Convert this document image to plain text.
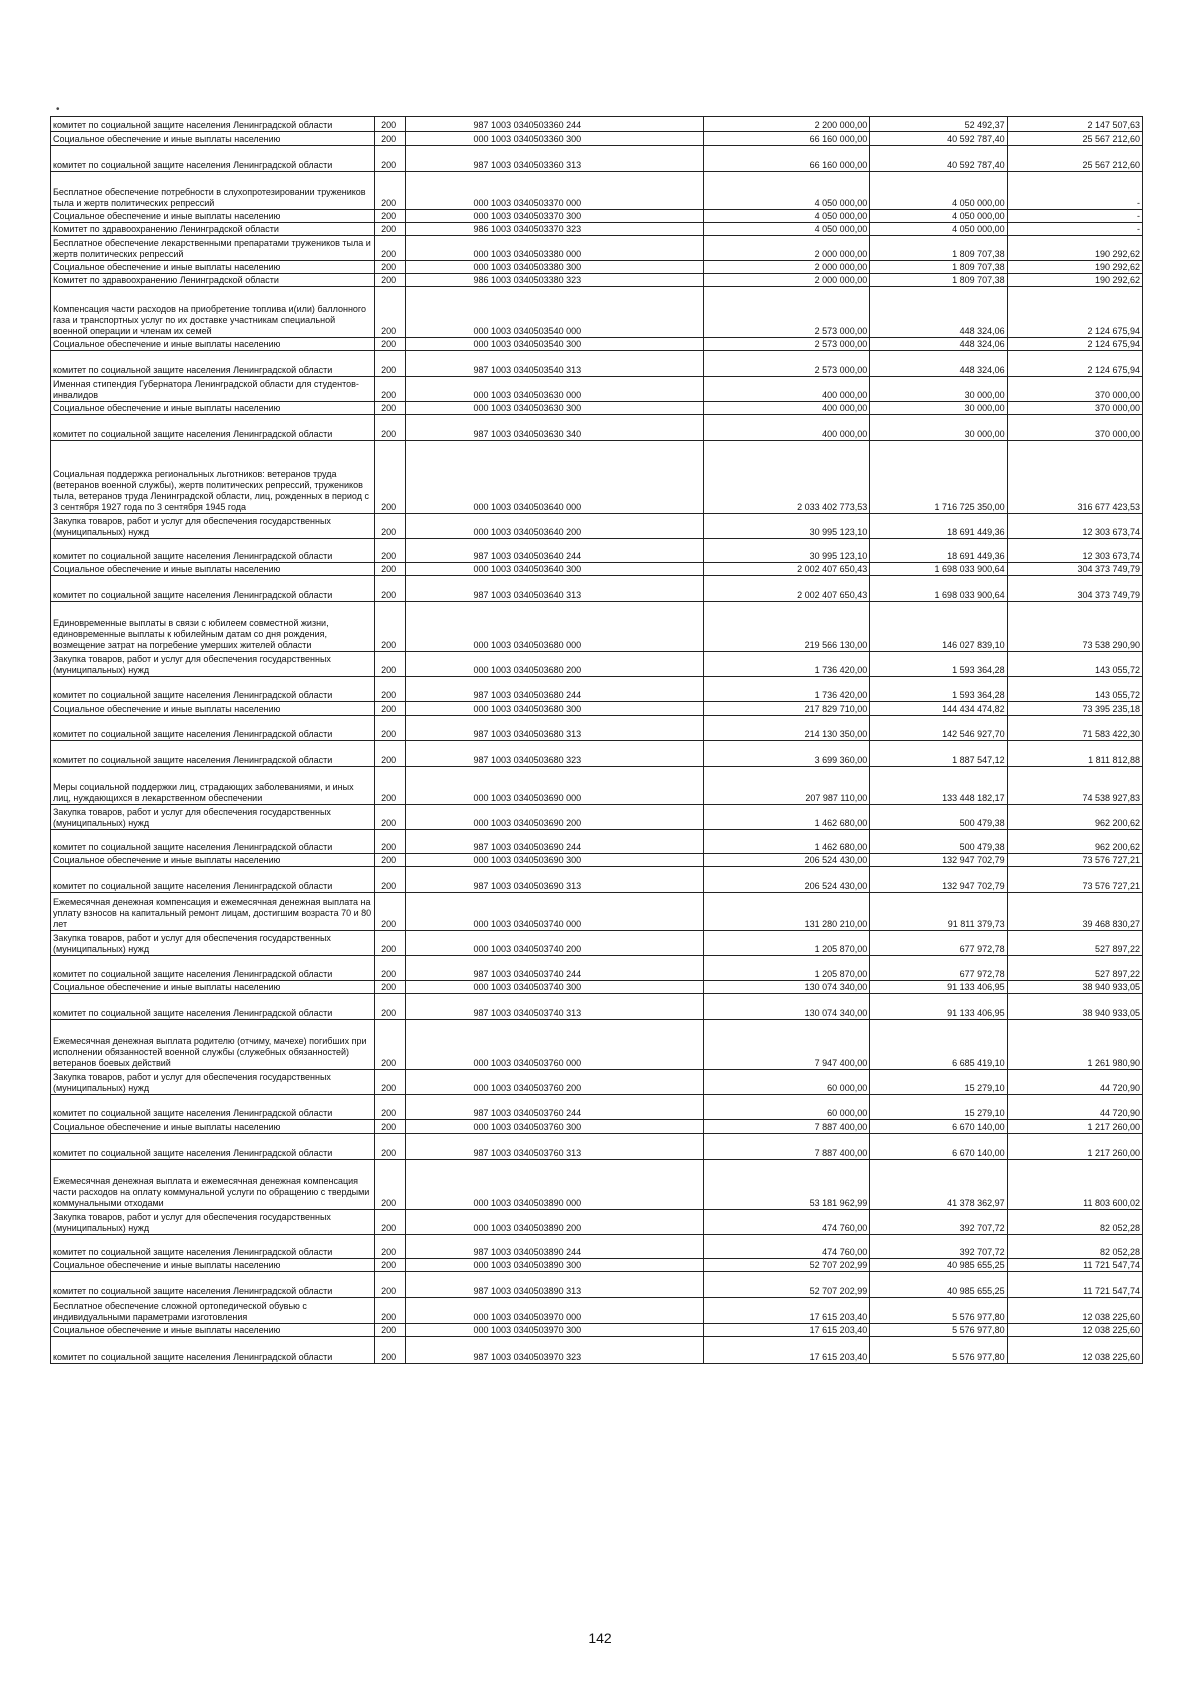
•
комитет по социальной защите населения Ленинградской области	200	987 1003 0340503360 244	2 200 000,00	52 492,37	2 147 507,63
Социальное обеспечение и иные выплаты населению	200	000 1003 0340503360 300	66 160 000,00	40 592 787,40	25 567 212,60
комитет по социальной защите населения Ленинградской области	200	987 1003 0340503360 313	66 160 000,00	40 592 787,40	25 567 212,60
Бесплатное обеспечение потребности в слухопротезировании тружеников тыла и жертв политических репрессий	200	000 1003 0340503370 000	4 050 000,00	4 050 000,00	-
Социальное обеспечение и иные выплаты населению	200	000 1003 0340503370 300	4 050 000,00	4 050 000,00	-
Комитет по здравоохранению Ленинградской области	200	986 1003 0340503370 323	4 050 000,00	4 050 000,00	-
Бесплатное обеспечение лекарственными препаратами тружеников тыла и жертв политических репрессий	200	000 1003 0340503380 000	2 000 000,00	1 809 707,38	190 292,62
Социальное обеспечение и иные выплаты населению	200	000 1003 0340503380 300	2 000 000,00	1 809 707,38	190 292,62
Комитет по здравоохранению Ленинградской области	200	986 1003 0340503380 323	2 000 000,00	1 809 707,38	190 292,62
Компенсация части расходов на приобретение топлива и(или) баллонного газа и транспортных услуг по их доставке участникам специальной военной операции и членам их семей	200	000 1003 0340503540 000	2 573 000,00	448 324,06	2 124 675,94
Социальное обеспечение и иные выплаты населению	200	000 1003 0340503540 300	2 573 000,00	448 324,06	2 124 675,94
комитет по социальной защите населения Ленинградской области	200	987 1003 0340503540 313	2 573 000,00	448 324,06	2 124 675,94
Именная стипендия Губернатора Ленинградской области для студентов-инвалидов	200	000 1003 0340503630 000	400 000,00	30 000,00	370 000,00
Социальное обеспечение и иные выплаты населению	200	000 1003 0340503630 300	400 000,00	30 000,00	370 000,00
комитет по социальной защите населения Ленинградской области	200	987 1003 0340503630 340	400 000,00	30 000,00	370 000,00
Социальная поддержка региональных льготников: ветеранов труда (ветеранов военной службы), жертв политических репрессий, тружеников тыла, ветеранов труда Ленинградской области, лиц, рожденных в период с 3 сентября 1927 года по 3 сентября 1945 года	200	000 1003 0340503640 000	2 033 402 773,53	1 716 725 350,00	316 677 423,53
Закупка товаров, работ и услуг для обеспечения государственных (муниципальных) нужд	200	000 1003 0340503640 200	30 995 123,10	18 691 449,36	12 303 673,74
комитет по социальной защите населения Ленинградской области	200	987 1003 0340503640 244	30 995 123,10	18 691 449,36	12 303 673,74
Социальное обеспечение и иные выплаты населению	200	000 1003 0340503640 300	2 002 407 650,43	1 698 033 900,64	304 373 749,79
комитет по социальной защите населения Ленинградской области	200	987 1003 0340503640 313	2 002 407 650,43	1 698 033 900,64	304 373 749,79
Единовременные выплаты в связи с юбилеем совместной жизни, единовременные выплаты к юбилейным датам со дня рождения, возмещение затрат на погребение умерших жителей области	200	000 1003 0340503680 000	219 566 130,00	146 027 839,10	73 538 290,90
Закупка товаров, работ и услуг для обеспечения государственных (муниципальных) нужд	200	000 1003 0340503680 200	1 736 420,00	1 593 364,28	143 055,72
комитет по социальной защите населения Ленинградской области	200	987 1003 0340503680 244	1 736 420,00	1 593 364,28	143 055,72
Социальное обеспечение и иные выплаты населению	200	000 1003 0340503680 300	217 829 710,00	144 434 474,82	73 395 235,18
комитет по социальной защите населения Ленинградской области	200	987 1003 0340503680 313	214 130 350,00	142 546 927,70	71 583 422,30
комитет по социальной защите населения Ленинградской области	200	987 1003 0340503680 323	3 699 360,00	1 887 547,12	1 811 812,88
Меры социальной поддержки лиц, страдающих заболеваниями, и иных лиц, нуждающихся в лекарственном обеспечении	200	000 1003 0340503690 000	207 987 110,00	133 448 182,17	74 538 927,83
Закупка товаров, работ и услуг для обеспечения государственных (муниципальных) нужд	200	000 1003 0340503690 200	1 462 680,00	500 479,38	962 200,62
комитет по социальной защите населения Ленинградской области	200	987 1003 0340503690 244	1 462 680,00	500 479,38	962 200,62
Социальное обеспечение и иные выплаты населению	200	000 1003 0340503690 300	206 524 430,00	132 947 702,79	73 576 727,21
комитет по социальной защите населения Ленинградской области	200	987 1003 0340503690 313	206 524 430,00	132 947 702,79	73 576 727,21
Ежемесячная денежная компенсация и ежемесячная денежная выплата на уплату взносов на капитальный ремонт лицам, достигшим возраста 70 и 80 лет	200	000 1003 0340503740 000	131 280 210,00	91 811 379,73	39 468 830,27
Закупка товаров, работ и услуг для обеспечения государственных (муниципальных) нужд	200	000 1003 0340503740 200	1 205 870,00	677 972,78	527 897,22
комитет по социальной защите населения Ленинградской области	200	987 1003 0340503740 244	1 205 870,00	677 972,78	527 897,22
Социальное обеспечение и иные выплаты населению	200	000 1003 0340503740 300	130 074 340,00	91 133 406,95	38 940 933,05
комитет по социальной защите населения Ленинградской области	200	987 1003 0340503740 313	130 074 340,00	91 133 406,95	38 940 933,05
Ежемесячная денежная выплата родителю (отчиму, мачехе) погибших при исполнении обязанностей военной службы (служебных обязанностей) ветеранов боевых действий	200	000 1003 0340503760 000	7 947 400,00	6 685 419,10	1 261 980,90
Закупка товаров, работ и услуг для обеспечения государственных (муниципальных) нужд	200	000 1003 0340503760 200	60 000,00	15 279,10	44 720,90
комитет по социальной защите населения Ленинградской области	200	987 1003 0340503760 244	60 000,00	15 279,10	44 720,90
Социальное обеспечение и иные выплаты населению	200	000 1003 0340503760 300	7 887 400,00	6 670 140,00	1 217 260,00
комитет по социальной защите населения Ленинградской области	200	987 1003 0340503760 313	7 887 400,00	6 670 140,00	1 217 260,00
Ежемесячная денежная выплата и ежемесячная денежная компенсация части расходов на оплату коммунальной услуги по обращению с твердыми коммунальными отходами	200	000 1003 0340503890 000	53 181 962,99	41 378 362,97	11 803 600,02
Закупка товаров, работ и услуг для обеспечения государственных (муниципальных) нужд	200	000 1003 0340503890 200	474 760,00	392 707,72	82 052,28
комитет по социальной защите населения Ленинградской области	200	987 1003 0340503890 244	474 760,00	392 707,72	82 052,28
Социальное обеспечение и иные выплаты населению	200	000 1003 0340503890 300	52 707 202,99	40 985 655,25	11 721 547,74
комитет по социальной защите населения Ленинградской области	200	987 1003 0340503890 313	52 707 202,99	40 985 655,25	11 721 547,74
Бесплатное обеспечение сложной ортопедической обувью с индивидуальными параметрами изготовления	200	000 1003 0340503970 000	17 615 203,40	5 576 977,80	12 038 225,60
Социальное обеспечение и иные выплаты населению	200	000 1003 0340503970 300	17 615 203,40	5 576 977,80	12 038 225,60
комитет по социальной защите населения Ленинградской области	200	987 1003 0340503970 323	17 615 203,40	5 576 977,80	12 038 225,60
142
